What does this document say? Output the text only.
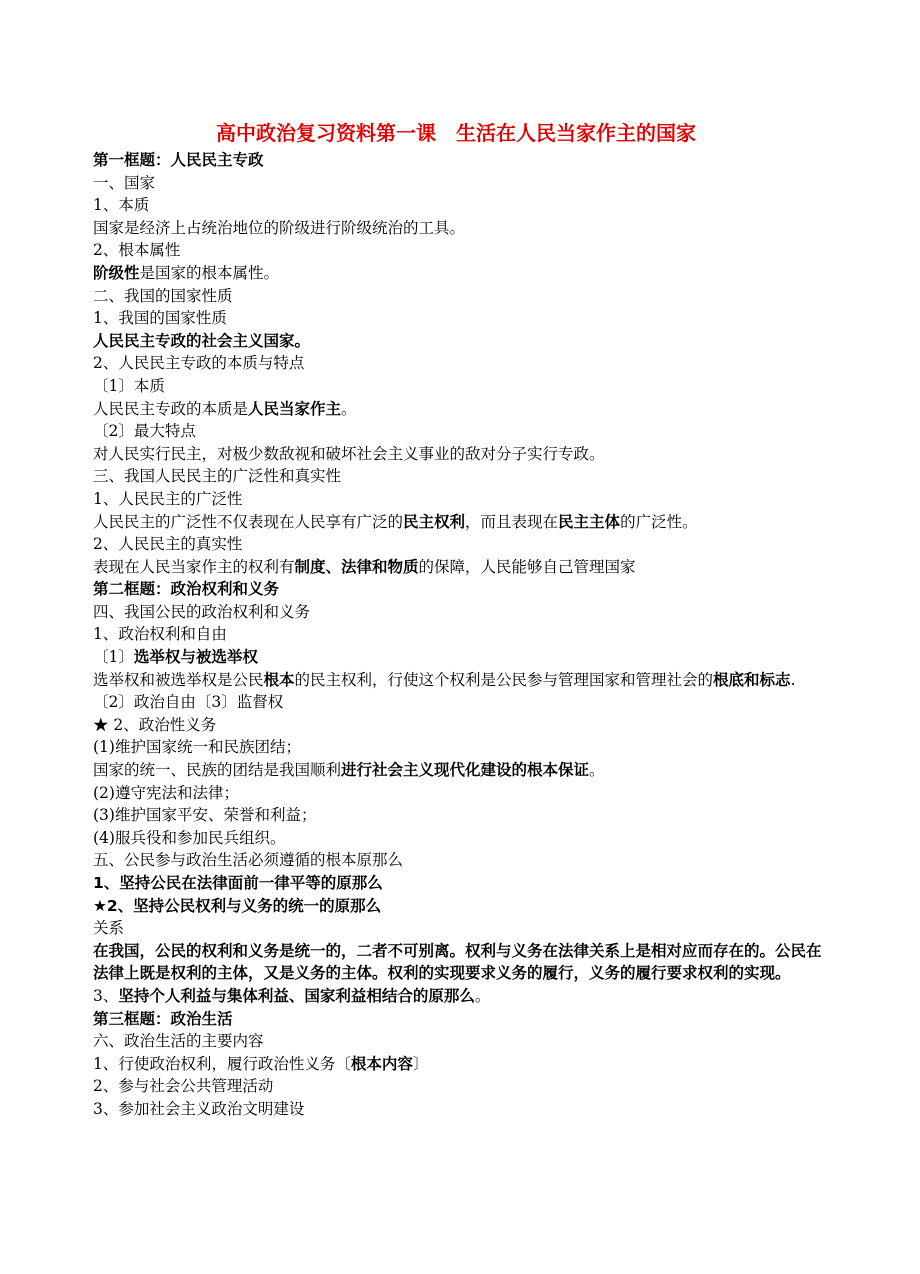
高中政治复习资料第一课　生活在人民当家作主的国家
第一框题：人民民主专政
一、国家
1、本质
国家是经济上占统治地位的阶级进行阶级统治的工具。
2、根本属性
阶级性是国家的根本属性。
二、我国的国家性质
1、我国的国家性质
人民民主专政的社会主义国家。
2、人民民主专政的本质与特点
〔1〕本质
人民民主专政的本质是人民当家作主。
〔2〕最大特点
对人民实行民主，对极少数敌视和破坏社会主义事业的敌对分子实行专政。
三、我国人民民主的广泛性和真实性
1、人民民主的广泛性
人民民主的广泛性不仅表现在人民享有广泛的民主权利，而且表现在民主主体的广泛性。
2、人民民主的真实性
表现在人民当家作主的权利有制度、法律和物质的保障，人民能够自己管理国家
第二框题：政治权利和义务
四、我国公民的政治权利和义务
1、政治权利和自由
〔1〕选举权与被选举权
选举权和被选举权是公民根本的民主权利，行使这个权利是公民参与管理国家和管理社会的根底和标志.
〔2〕政治自由〔3〕监督权
★ 2、政治性义务
(1)维护国家统一和民族团结；
国家的统一、民族的团结是我国顺利进行社会主义现代化建设的根本保证。
(2)遵守宪法和法律；
(3)维护国家平安、荣誉和利益；
(4)服兵役和参加民兵组织。
五、公民参与政治生活必须遵循的根本原那么
1、坚持公民在法律面前一律平等的原那么
★2、坚持公民权利与义务的统一的原那么
关系
在我国，公民的权利和义务是统一的，二者不可别离。权利与义务在法律关系上是相对应而存在的。公民在法律上既是权利的主体，又是义务的主体。权利的实现要求义务的履行，义务的履行要求权利的实现。
3、坚持个人利益与集体利益、国家利益相结合的原那么。
第三框题：政治生活
六、政治生活的主要内容
1、行使政治权利，履行政治性义务〔根本内容〕
2、参与社会公共管理活动
3、参加社会主义政治文明建设
